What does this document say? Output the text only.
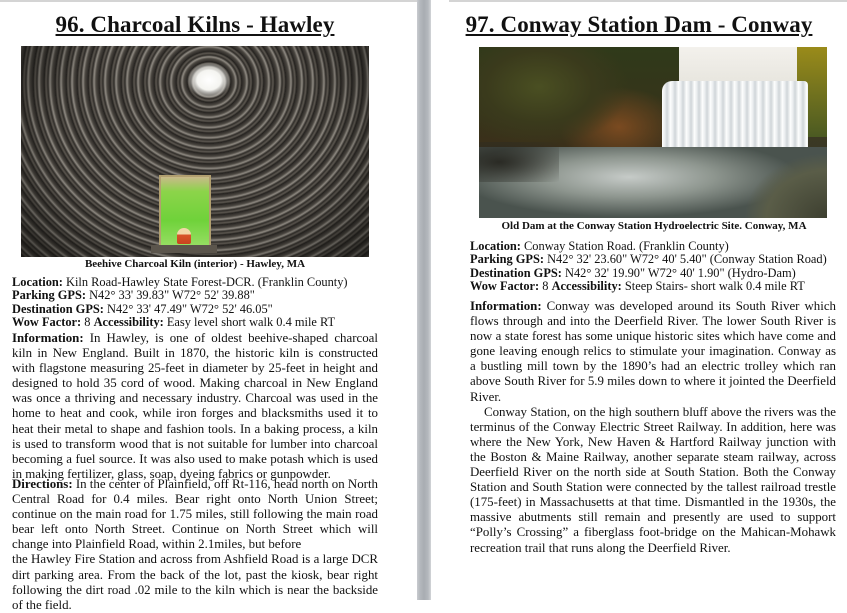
96. Charcoal Kilns - Hawley
Beehive Charcoal Kiln (interior) - Hawley, MA
Location: Kiln Road-Hawley State Forest-DCR. (Franklin County)
Parking GPS: N42° 33' 39.83" W72° 52' 39.88"
Destination GPS: N42° 33' 47.49" W72° 52' 46.05"
Wow Factor: 8 Accessibility: Easy level short walk 0.4 mile RT

Information: In Hawley, is one of oldest beehive-shaped charcoal kiln in New England. Built in 1870, the historic kiln is constructed with flagstone measuring 25-feet in diameter by 25-feet in height and designed to hold 35 cord of wood. Making charcoal in New England was once a thriving and necessary industry. Charcoal was used in the home to heat and cook, while iron forges and blacksmiths used it to heat their metal to shape and fashion tools. In a baking process, a kiln is used to transform wood that is not suitable for lumber into charcoal becoming a fuel source. It was also used to make potash which is used in making fertilizer, glass, soap, dyeing fabrics or gunpowder.

Directions: In the center of Plainfield, off Rt-116, head north on North Central Road for 0.4 miles. Bear right onto North Union Street; continue on the main road for 1.75 miles, still following the main road bear left onto North Street. Continue on North Street which will change into Plainfield Road, within 2.1miles, but before

the Hawley Fire Station and across from Ashfield Road is a large DCR dirt parking area. From the back of the lot, past the kiosk, bear right following the dirt road .02 mile to the kiln which is near the backside of the field.

97. Conway Station Dam - Conway
Old Dam at the Conway Station Hydroelectric Site. Conway, MA
Location: Conway Station Road. (Franklin County)
Parking GPS: N42° 32' 23.60" W72° 40' 5.40" (Conway Station Road)
Destination GPS: N42° 32' 19.90" W72° 40' 1.90" (Hydro-Dam)
Wow Factor: 8 Accessibility: Steep Stairs- short walk 0.4 mile RT

Information: Conway was developed around its South River which flows through and into the Deerfield River. The lower South River is now a state forest has some unique historic sites which have come and gone leaving enough relics to stimulate your imagination. Conway as a bustling mill town by the 1890’s had an electric trolley which ran above South River for 5.9 miles down to where it jointed the Deerfield River.

Conway Station, on the high southern bluff above the rivers was the terminus of the Conway Electric Street Railway. In addition, here was where the New York, New Haven & Hartford Railway junction with the Boston & Maine Railway, another separate steam railway, across Deerfield River on the north side at South Station. Both the Conway Station and South Station were connected by the tallest railroad trestle (175-feet) in Massachusetts at that time. Dismantled in the 1930s, the massive abutments still remain and presently are used to support “Polly’s Crossing” a fiberglass foot-bridge on the Mahican-Mohawk recreation trail that runs along the Deerfield River.
